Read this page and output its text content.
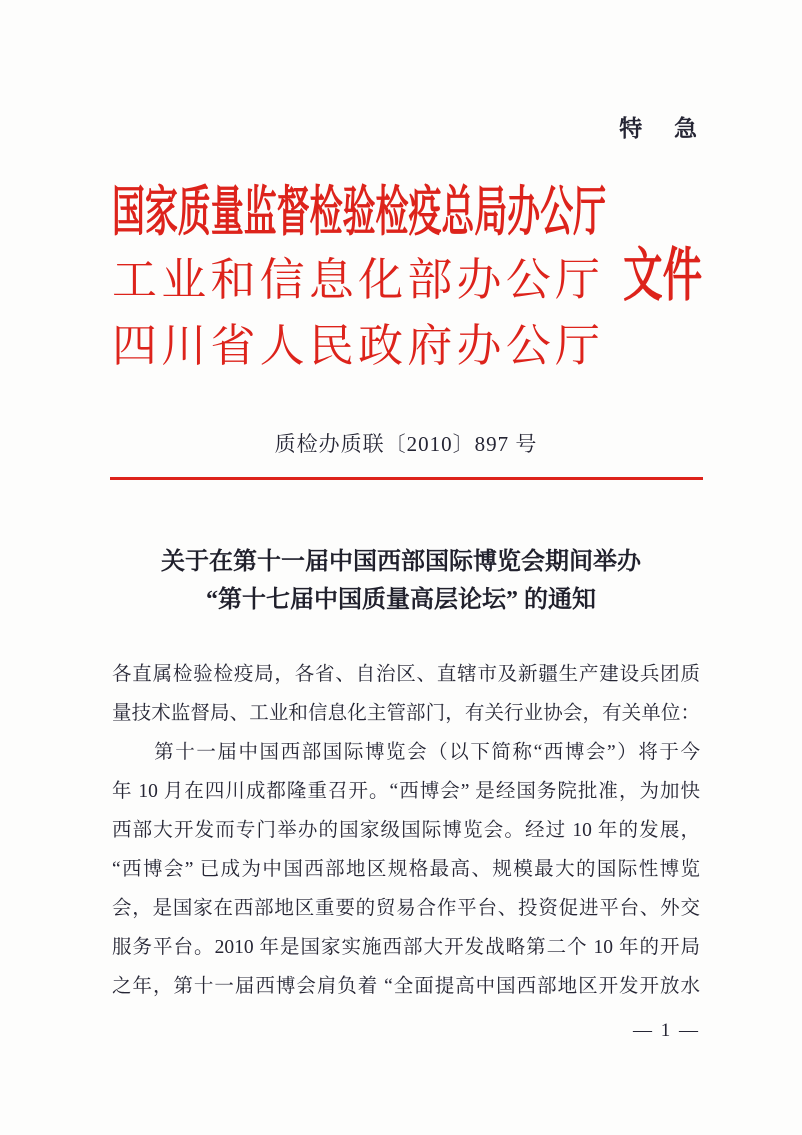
特 急
国家质量监督检验检疫总局办公厅
工业和信息化部办公厅 文件
四川省人民政府办公厅
质检办质联〔2010〕897 号
关于在第十一届中国西部国际博览会期间举办
“第十七届中国质量高层论坛” 的通知
各直属检验检疫局，各省、自治区、直辖市及新疆生产建设兵团质
量技术监督局、工业和信息化主管部门，有关行业协会，有关单位：
　　第十一届中国西部国际博览会（以下简称“西博会”）将于今
年 10 月在四川成都隆重召开。“西博会” 是经国务院批准，为加快
西部大开发而专门举办的国家级国际博览会。经过 10 年的发展，
“西博会” 已成为中国西部地区规格最高、规模最大的国际性博览
会，是国家在西部地区重要的贸易合作平台、投资促进平台、外交
服务平台。2010 年是国家实施西部大开发战略第二个 10 年的开局
之年，第十一届西博会肩负着 “全面提高中国西部地区开发开放水
— 1 —
